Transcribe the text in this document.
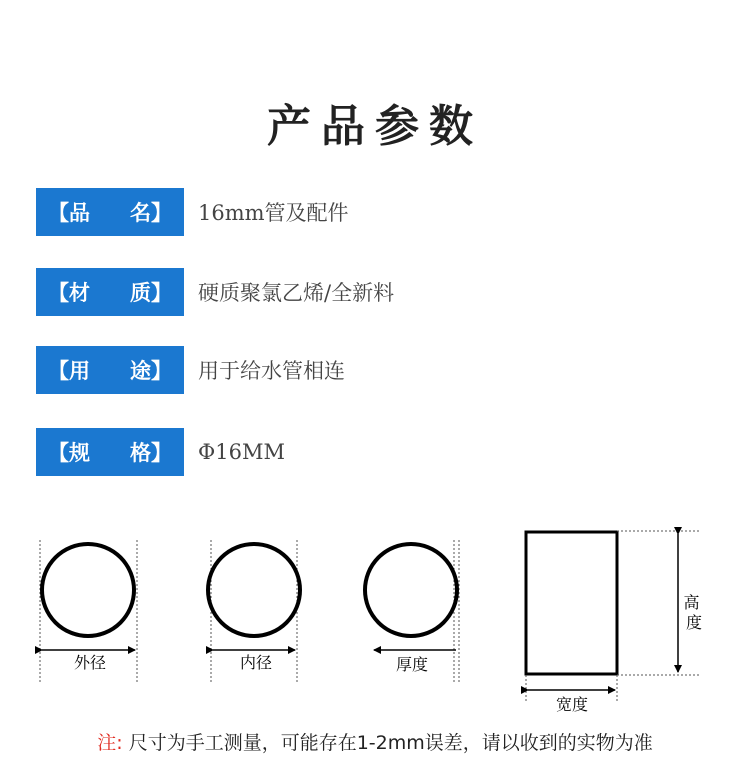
产品参数
【品 名】 16mm管及配件
【材 质】 硬质聚氯乙烯/全新料
【用 途】 用于给水管相连
【规 格】 Φ16MM
外径	内径	厚度
高 度
宽度
注: 尺寸为手工测量，可能存在1-2mm误差，请以收到的实物为准
